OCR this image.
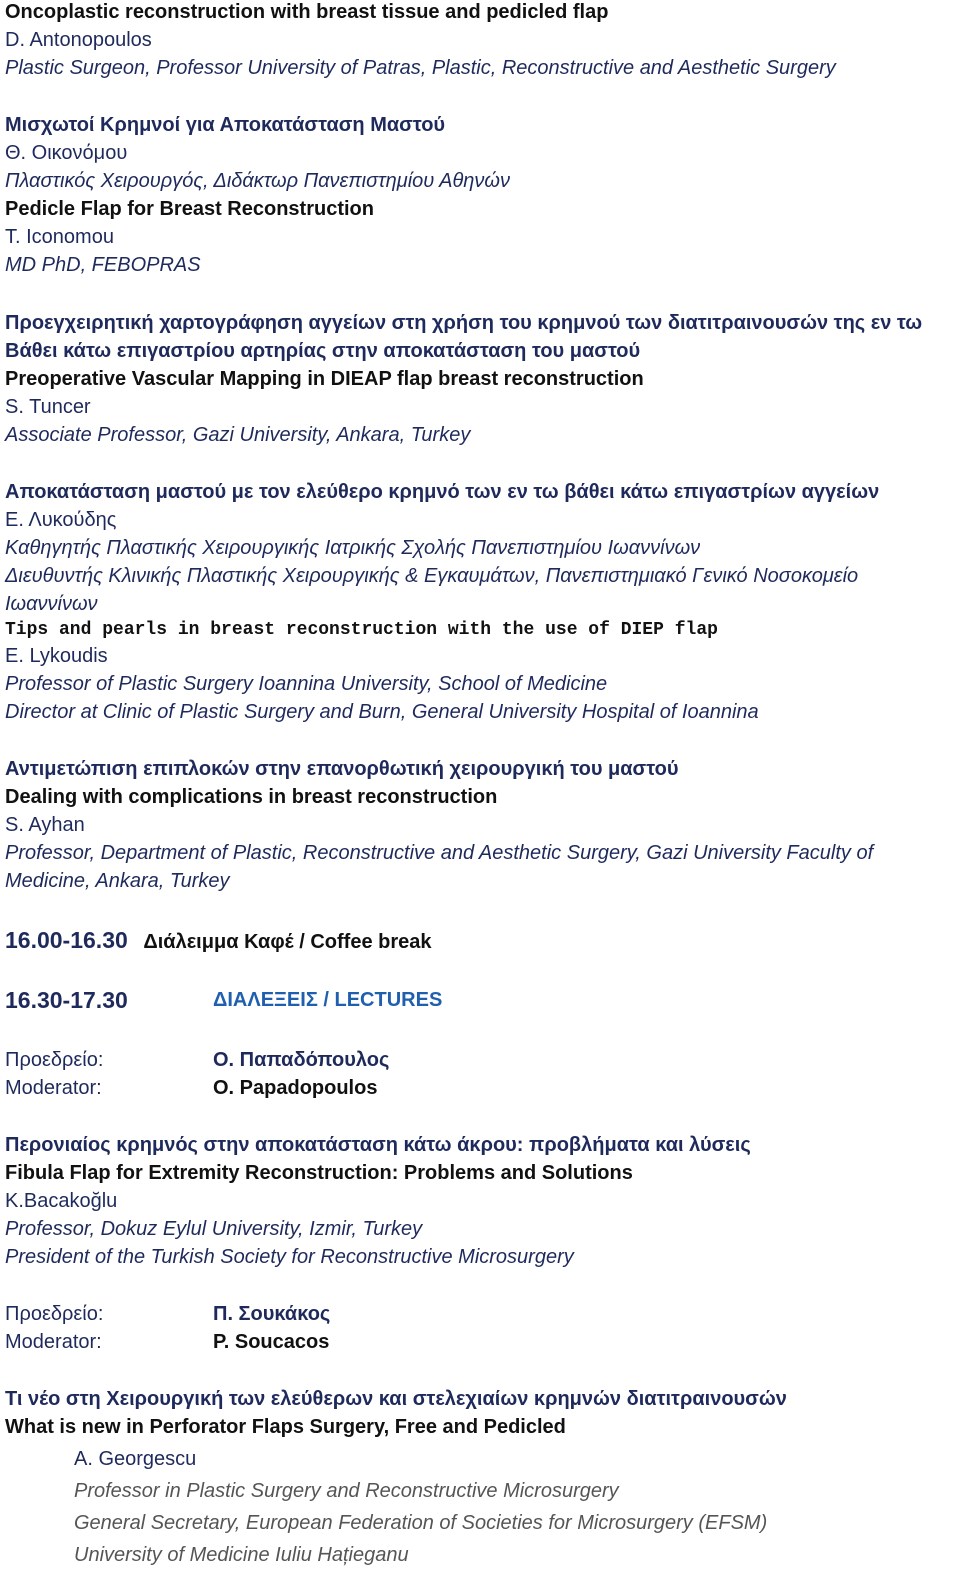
Oncoplastic reconstruction with breast tissue and pedicled flap
D. Antonopoulos
Plastic Surgeon, Professor University of Patras, Plastic, Reconstructive and Aesthetic Surgery
Μισχωτοί Κρημνοί για Αποκατάσταση Μαστού
Θ. Οικονόμου
Πλαστικός Χειρουργός, Διδάκτωρ Πανεπιστημίου Αθηνών
Pedicle Flap for Breast Reconstruction
T. Iconomou
MD PhD, FEBOPRAS
Προεγχειρητική χαρτογράφηση αγγείων στη χρήση του κρημνού των διατιτραινουσών της εν τω
Βάθει κάτω επιγαστρίου αρτηρίας στην αποκατάσταση του μαστού
Preoperative Vascular Mapping in DIEAP flap breast reconstruction
S. Tuncer
Associate Professor, Gazi University, Ankara, Turkey
Αποκατάσταση μαστού με τον ελεύθερο κρημνό των εν τω βάθει κάτω επιγαστρίων αγγείων
Ε. Λυκούδης
Καθηγητής Πλαστικής Χειρουργικής Ιατρικής Σχολής Πανεπιστημίου Ιωαννίνων
Διευθυντής Κλινικής Πλαστικής Χειρουργικής & Εγκαυμάτων, Πανεπιστημιακό Γενικό Νοσοκομείο
Ιωαννίνων
Tips and pearls in breast reconstruction with the use of DIEP flap
E. Lykoudis
Professor of Plastic Surgery Ioannina University, School of Medicine
Director at Clinic of Plastic Surgery and Burn, General University Hospital of Ioannina
Αντιμετώπιση επιπλοκών στην επανορθωτική χειρουργική του μαστού
Dealing with complications in breast reconstruction
S. Ayhan
Professor, Department of Plastic, Reconstructive and Aesthetic Surgery, Gazi University Faculty of
Medicine, Ankara, Turkey
16.00-16.30 Διάλειμμα Καφέ / Coffee break
16.30-17.30	ΔΙΑΛΕΞΕΙΣ / LECTURES
Προεδρείο:	Ο. Παπαδόπουλος
Moderator:	O. Papadopoulos
Περονιαίος κρημνός στην αποκατάσταση κάτω άκρου: προβλήματα και λύσεις
Fibula Flap for Extremity Reconstruction: Problems and Solutions
K.Bacakoğlu
Professor, Dokuz Eylul University, Izmir, Turkey
President of the Turkish Society for Reconstructive Microsurgery
Προεδρείο:	Π. Σουκάκος
Moderator:	P. Soucacos
Τι νέο στη Χειρουργική των ελεύθερων και στελεχιαίων κρημνών διατιτραινουσών
What is new in Perforator Flaps Surgery, Free and Pedicled
A. Georgescu
Professor in Plastic Surgery and Reconstructive Microsurgery
General Secretary, European Federation of Societies for Microsurgery (EFSM)
University of Medicine Iuliu Hațieganu
